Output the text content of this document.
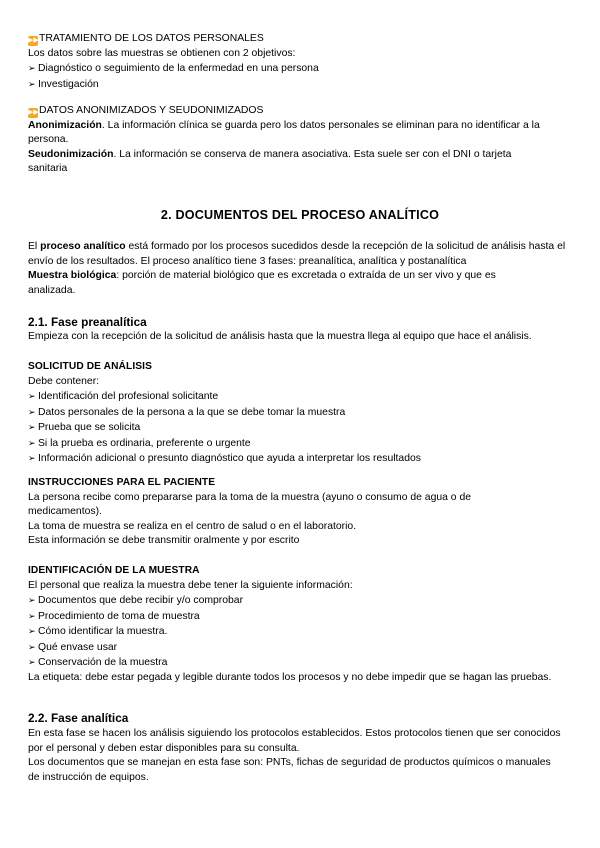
▶▶TRATAMIENTO DE LOS DATOS PERSONALES
Los datos sobre las muestras se obtienen con 2 objetivos:
➢ Diagnóstico o seguimiento de la enfermedad en una persona
➢ Investigación
▶▶DATOS ANONIMIZADOS Y SEUDONIMIZADOS
Anonimización. La información clínica se guarda pero los datos personales se eliminan para no identificar a la persona.
Seudonimización. La información se conserva de manera asociativa. Esta suele ser con el DNI o tarjeta sanitaria
2. DOCUMENTOS DEL PROCESO ANALÍTICO
El proceso analítico está formado por los procesos sucedidos desde la recepción de la solicitud de análisis hasta el envío de los resultados. El proceso analítico tiene 3 fases: preanalítica, analítica y postanalítica
Muestra biológica: porción de material biológico que es excretada o extraída de un ser vivo y que es analizada.
2.1. Fase preanalítica
Empieza con la recepción de la solicitud de análisis hasta que la muestra llega al equipo que hace el análisis.
SOLICITUD DE ANÁLISIS
Debe contener:
➢ Identificación del profesional solicitante
➢ Datos personales de la persona a la que se debe tomar la muestra
➢ Prueba que se solicita
➢ Si la prueba es ordinaria, preferente o urgente
➢ Información adicional o presunto diagnóstico que ayuda a interpretar los resultados
INSTRUCCIONES PARA EL PACIENTE
La persona recibe como prepararse para la toma de la muestra (ayuno o consumo de agua o de medicamentos).
La toma de muestra se realiza en el centro de salud o en el laboratorio.
Esta información se debe transmitir oralmente y por escrito
IDENTIFICACIÓN DE LA MUESTRA
El personal que realiza la muestra debe tener la siguiente información:
➢ Documentos que debe recibir y/o comprobar
➢ Procedimiento de toma de muestra
➢ Cómo identificar la muestra.
➢ Qué envase usar
➢ Conservación de la muestra
La etiqueta: debe estar pegada y legible durante todos los procesos y no debe impedir que se hagan las pruebas.
2.2. Fase analítica
En esta fase se hacen los análisis siguiendo los protocolos establecidos. Estos protocolos tienen que ser conocidos por el personal y deben estar disponibles para su consulta.
Los documentos que se manejan en esta fase son: PNTs, fichas de seguridad de productos químicos o manuales de instrucción de equipos.
